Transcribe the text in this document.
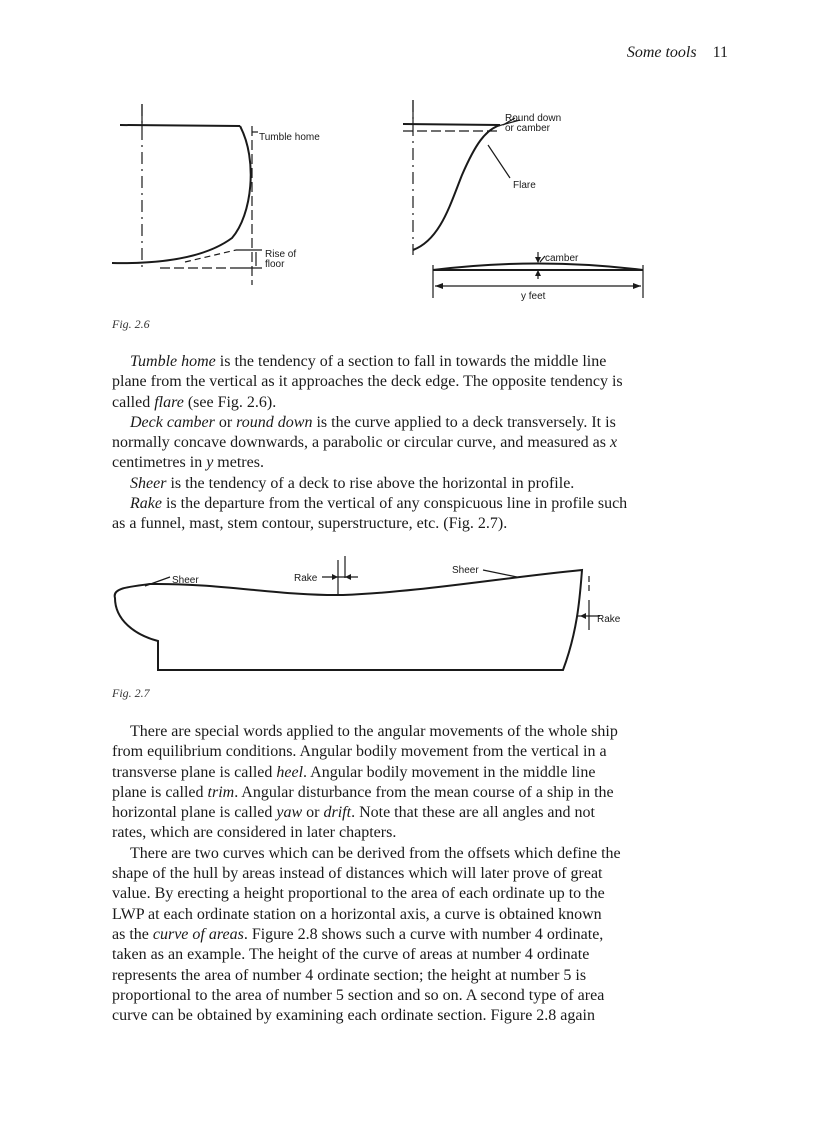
Some tools 11
Tumble home
Rise of
floor
Round down
or camber
Flare
camber
y feet
Fig. 2.6
Tumble home is the tendency of a section to fall in towards the middle line
plane from the vertical as it approaches the deck edge. The opposite tendency is
called flare (see Fig. 2.6).
Deck camber or round down is the curve applied to a deck transversely. It is
normally concave downwards, a parabolic or circular curve, and measured as x
centimetres in y metres.
Sheer is the tendency of a deck to rise above the horizontal in profile.
Rake is the departure from the vertical of any conspicuous line in profile such
as a funnel, mast, stem contour, superstructure, etc. (Fig. 2.7).
Sheer	Rake
Sheer
Rake
Fig. 2.7
There are special words applied to the angular movements of the whole ship
from equilibrium conditions. Angular bodily movement from the vertical in a
transverse plane is called heel. Angular bodily movement in the middle line
plane is called trim. Angular disturbance from the mean course of a ship in the
horizontal plane is called yaw or drift. Note that these are all angles and not
rates, which are considered in later chapters.
There are two curves which can be derived from the offsets which define the
shape of the hull by areas instead of distances which will later prove of great
value. By erecting a height proportional to the area of each ordinate up to the
LWP at each ordinate station on a horizontal axis, a curve is obtained known
as the curve of areas. Figure 2.8 shows such a curve with number 4 ordinate,
taken as an example. The height of the curve of areas at number 4 ordinate
represents the area of number 4 ordinate section; the height at number 5 is
proportional to the area of number 5 section and so on. A second type of area
curve can be obtained by examining each ordinate section. Figure 2.8 again
